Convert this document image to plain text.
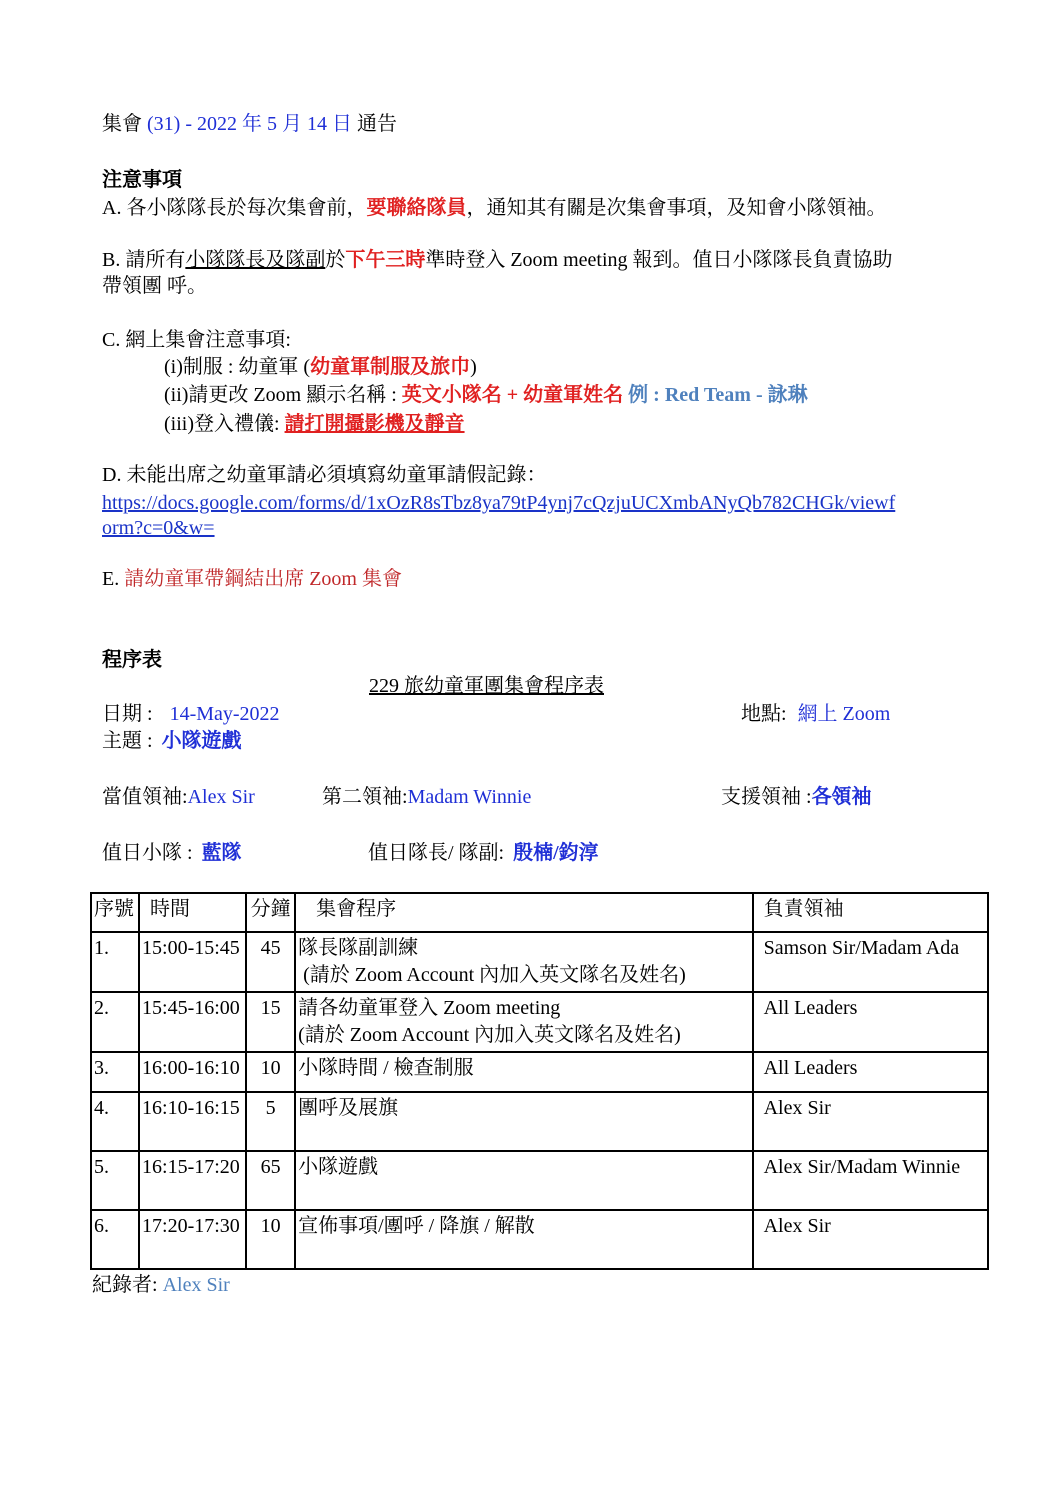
集會 (31) - 2022 年 5 月 14 日 通告
注意事項
A. 各小隊隊長於每次集會前，要聯絡隊員，通知其有關是次集會事項，及知會小隊領袖。
B. 請所有小隊隊長及隊副於下午三時準時登入 Zoom meeting 報到。值日小隊隊長負責協助
帶領團 呼。
C. 網上集會注意事項:
(i)制服 : 幼童軍 (幼童軍制服及旅巾)
(ii)請更改 Zoom 顯示名稱 : 英文小隊名 + 幼童軍姓名 例 : Red Team - 詠琳
(iii)登入禮儀: 請打開攝影機及靜音
D. 未能出席之幼童軍請必須填寫幼童軍請假記錄：
https://docs.google.com/forms/d/1xOzR8sTbz8ya79tP4ynj7cQzjuUCXmbANyQb782CHGk/viewf
orm?c=0&w=
E. 請幼童軍帶鋼結出席 Zoom 集會
程序表
229 旅幼童軍團集會程序表
日期 : 14-May-2022	地點: 網上 Zoom
主題 : 小隊遊戲
當值領袖:Alex Sir	第二領袖:Madam Winnie	支援領袖 :各領袖
值日小隊 : 藍隊	值日隊長/ 隊副: 殷楠/鈞淳
序號	時間	分鐘	集會程序	負責領袖
1.	15:00-15:45	45	隊長隊副訓練
(請於 Zoom Account 內加入英文隊名及姓名)	Samson Sir/Madam Ada
2.	15:45-16:00	15	請各幼童軍登入 Zoom meeting
(請於 Zoom Account 內加入英文隊名及姓名)	All Leaders
3.	16:00-16:10	10	小隊時間 / 檢查制服	All Leaders
4.	16:10-16:15	5	團呼及展旗	Alex Sir
5.	16:15-17:20	65	小隊遊戲	Alex Sir/Madam Winnie
6.	17:20-17:30	10	宣佈事項/團呼 / 降旗 / 解散	Alex Sir
紀錄者: Alex Sir
